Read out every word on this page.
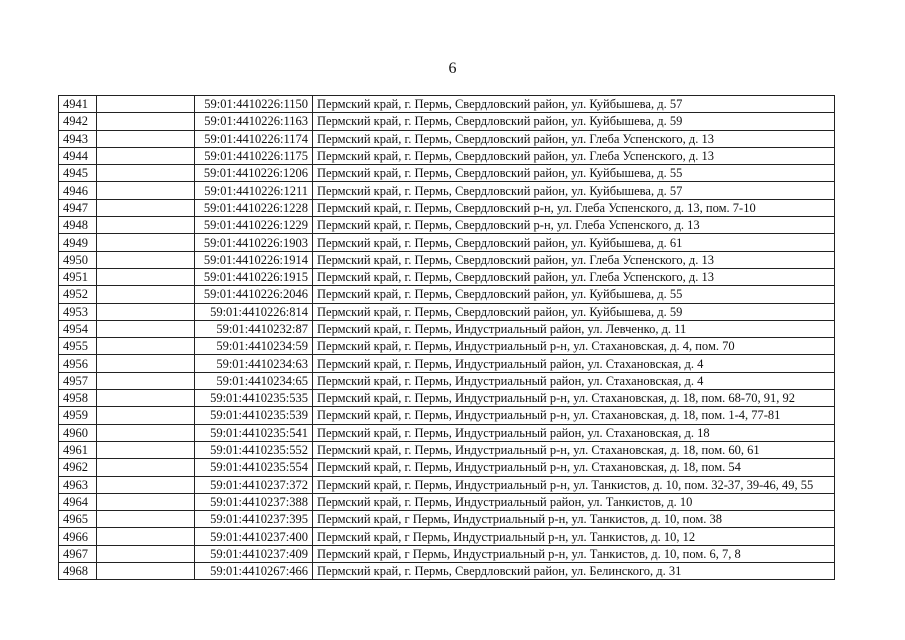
6
4941		59:01:4410226:1150	Пермский край, г. Пермь, Свердловский район, ул. Куйбышева, д. 57
4942		59:01:4410226:1163	Пермский край, г. Пермь, Свердловский район, ул. Куйбышева, д. 59
4943		59:01:4410226:1174	Пермский край, г. Пермь, Свердловский район, ул. Глеба Успенского, д. 13
4944		59:01:4410226:1175	Пермский край, г. Пермь, Свердловский район, ул. Глеба Успенского, д. 13
4945		59:01:4410226:1206	Пермский край, г. Пермь, Свердловский район, ул. Куйбышева, д. 55
4946		59:01:4410226:1211	Пермский край, г. Пермь, Свердловский район, ул. Куйбышева, д. 57
4947		59:01:4410226:1228	Пермский край, г. Пермь, Свердловский р-н, ул. Глеба Успенского, д. 13, пом. 7-10
4948		59:01:4410226:1229	Пермский край, г. Пермь, Свердловский р-н, ул. Глеба Успенского, д. 13
4949		59:01:4410226:1903	Пермский край, г. Пермь, Свердловский район, ул. Куйбышева, д. 61
4950		59:01:4410226:1914	Пермский край, г. Пермь, Свердловский район, ул. Глеба Успенского, д. 13
4951		59:01:4410226:1915	Пермский край, г. Пермь, Свердловский район, ул. Глеба Успенского, д. 13
4952		59:01:4410226:2046	Пермский край, г. Пермь, Свердловский район, ул. Куйбышева, д. 55
4953		59:01:4410226:814	Пермский край, г. Пермь, Свердловский район, ул. Куйбышева, д. 59
4954		59:01:4410232:87	Пермский край, г. Пермь, Индустриальный район, ул. Левченко, д. 11
4955		59:01:4410234:59	Пермский край, г. Пермь, Индустриальный р-н, ул. Стахановская, д. 4, пом. 70
4956		59:01:4410234:63	Пермский край, г. Пермь, Индустриальный район, ул. Стахановская, д. 4
4957		59:01:4410234:65	Пермский край, г. Пермь, Индустриальный район, ул. Стахановская, д. 4
4958		59:01:4410235:535	Пермский край, г. Пермь, Индустриальный р-н, ул. Стахановская, д. 18, пом. 68-70, 91, 92
4959		59:01:4410235:539	Пермский край, г. Пермь, Индустриальный р-н, ул. Стахановская, д. 18, пом. 1-4, 77-81
4960		59:01:4410235:541	Пермский край, г. Пермь, Индустриальный район, ул. Стахановская, д. 18
4961		59:01:4410235:552	Пермский край, г. Пермь, Индустриальный р-н, ул. Стахановская, д. 18, пом. 60, 61
4962		59:01:4410235:554	Пермский край, г. Пермь, Индустриальный р-н, ул. Стахановская, д. 18, пом. 54
4963		59:01:4410237:372	Пермский край, г. Пермь, Индустриальный р-н, ул. Танкистов, д. 10, пом. 32-37, 39-46, 49, 55
4964		59:01:4410237:388	Пермский край, г. Пермь, Индустриальный район, ул. Танкистов, д. 10
4965		59:01:4410237:395	Пермский край, г Пермь, Индустриальный р-н, ул. Танкистов, д. 10, пом. 38
4966		59:01:4410237:400	Пермский край, г Пермь, Индустриальный р-н, ул. Танкистов, д. 10, 12
4967		59:01:4410237:409	Пермский край, г Пермь, Индустриальный р-н, ул. Танкистов, д. 10, пом. 6, 7, 8
4968		59:01:4410267:466	Пермский край, г. Пермь, Свердловский район, ул. Белинского, д. 31
